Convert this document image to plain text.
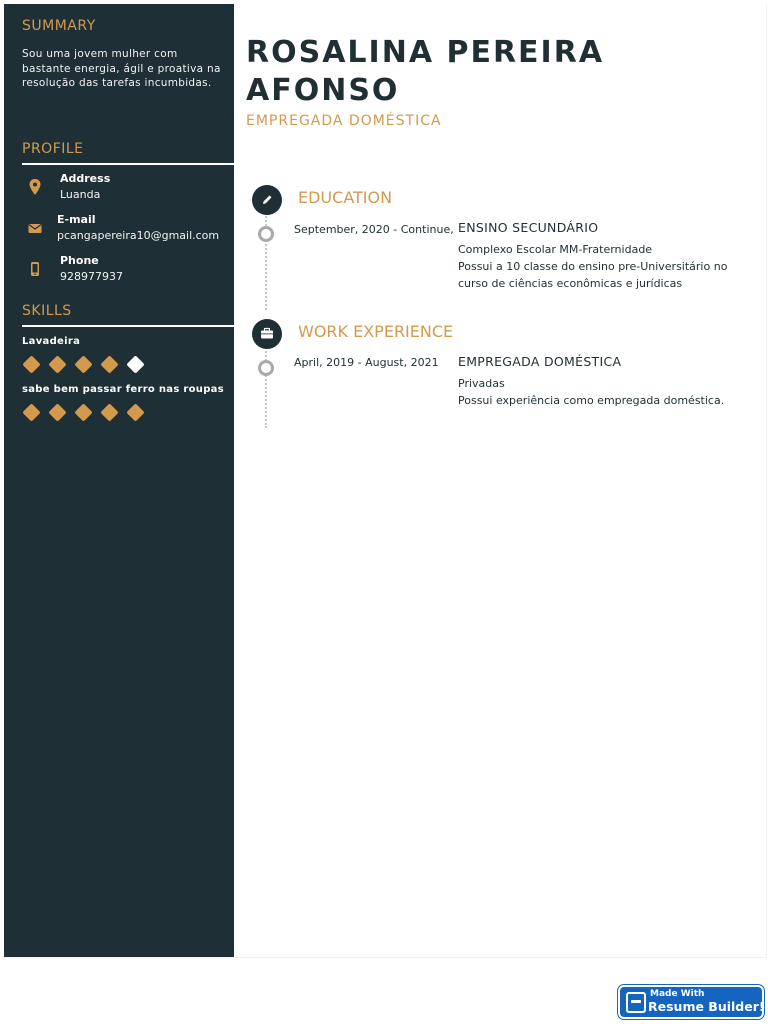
SUMMARY
Sou uma jovem mulher com bastante energia, ágil e proativa na resolução das tarefas incumbidas.
PROFILE
Address
Luanda
E-mail
pcangapereira10@gmail.com
Phone
928977937
SKILLS
Lavadeira
sabe bem passar ferro nas roupas
ROSALINA PEREIRA AFONSO
EMPREGADA DOMÉSTICA
EDUCATION
September, 2020 - Continue, ENSINO SECUNDÁRIO
Complexo Escolar MM-Fraternidade
Possui a 10 classe do ensino pre-Universitário no curso de ciências econômicas e jurídicas
WORK EXPERIENCE
April, 2019 - August, 2021 EMPREGADA DOMÉSTICA
Privadas
Possui experiência como empregada doméstica.
Made With
Resume Builder!
